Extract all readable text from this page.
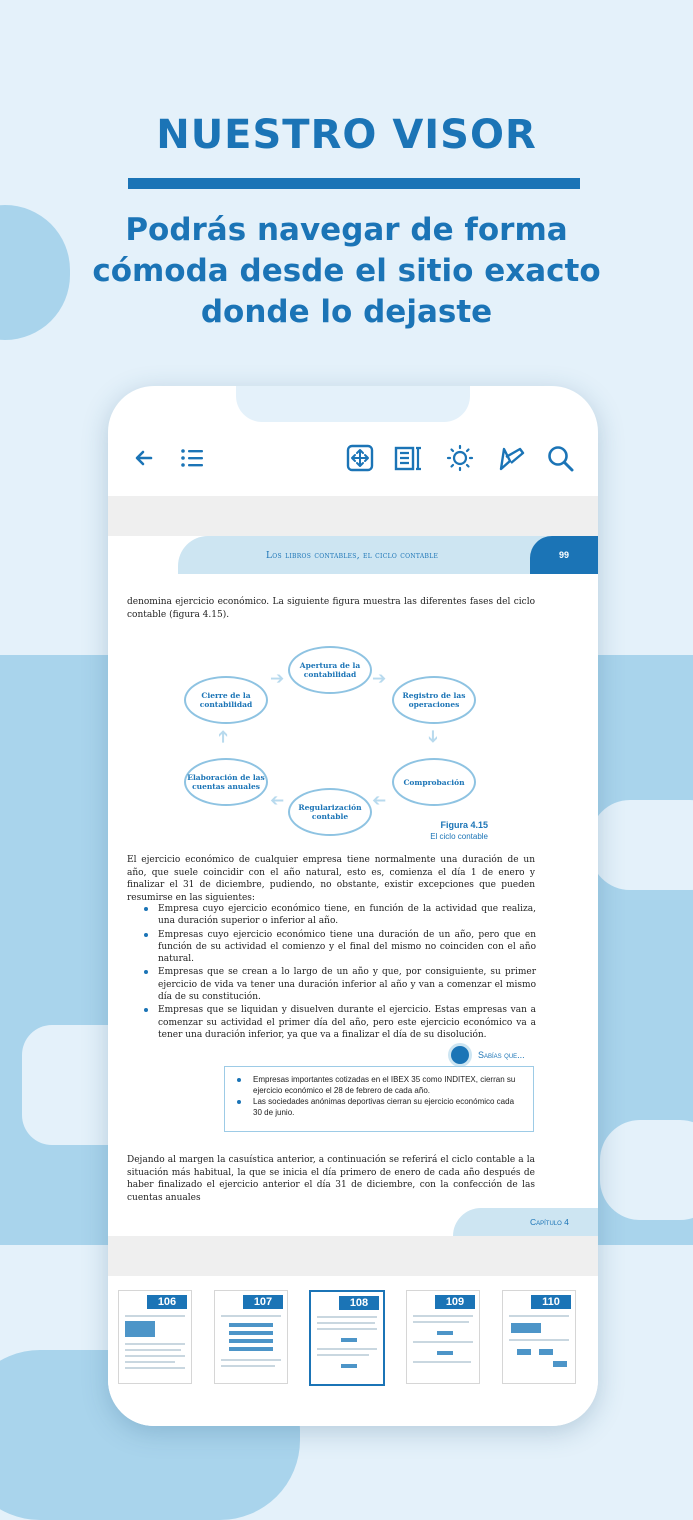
NUESTRO VISOR
Podrás navegar de forma
cómoda desde el sitio exacto
donde lo dejaste
Los libros contables, el ciclo contable	99
denomina ejercicio económico. La siguiente figura muestra las diferentes fases del ciclo contable (figura 4.15).
Apertura de la contabilidad
Registro de las operaciones
Comprobación
Regularización contable
Elaboración de las cuentas anuales
Cierre de la contabilidad
➔	➔
➔
➔
➔
➔
Figura 4.15
El ciclo contable
El ejercicio económico de cualquier empresa tiene normalmente una duración de un año, que suele coincidir con el año natural, esto es, comienza el día 1 de enero y finalizar el 31 de diciembre, pudiendo, no obstante, existir excepciones que pueden resumirse en las siguientes:
Empresa cuyo ejercicio económico tiene, en función de la actividad que realiza, una duración superior o inferior al año.
Empresas cuyo ejercicio económico tiene una duración de un año, pero que en función de su actividad el comienzo y el final del mismo no coinciden con el año natural.
Empresas que se crean a lo largo de un año y que, por consiguiente, su primer ejercicio de vida va tener una duración inferior al año y van a comenzar el mismo día de su constitución.
Empresas que se liquidan y disuelven durante el ejercicio. Estas empresas van a comenzar su actividad el primer día del año, pero este ejercicio económico va a tener una duración inferior, ya que va a finalizar el día de su disolución.
Sabías que...
Empresas importantes cotizadas en el IBEX 35 como INDITEX, cierran su ejercicio económico el 28 de febrero de cada año.
Las sociedades anónimas deportivas cierran su ejercicio económico cada 30 de junio.
Dejando al margen la casuística anterior, a continuación se referirá el ciclo contable a la situación más habitual, la que se inicia el día primero de enero de cada año después de haber finalizado el ejercicio anterior el día 31 de diciembre, con la confección de las cuentas anuales
Capítulo 4
106	107	108	109	110
